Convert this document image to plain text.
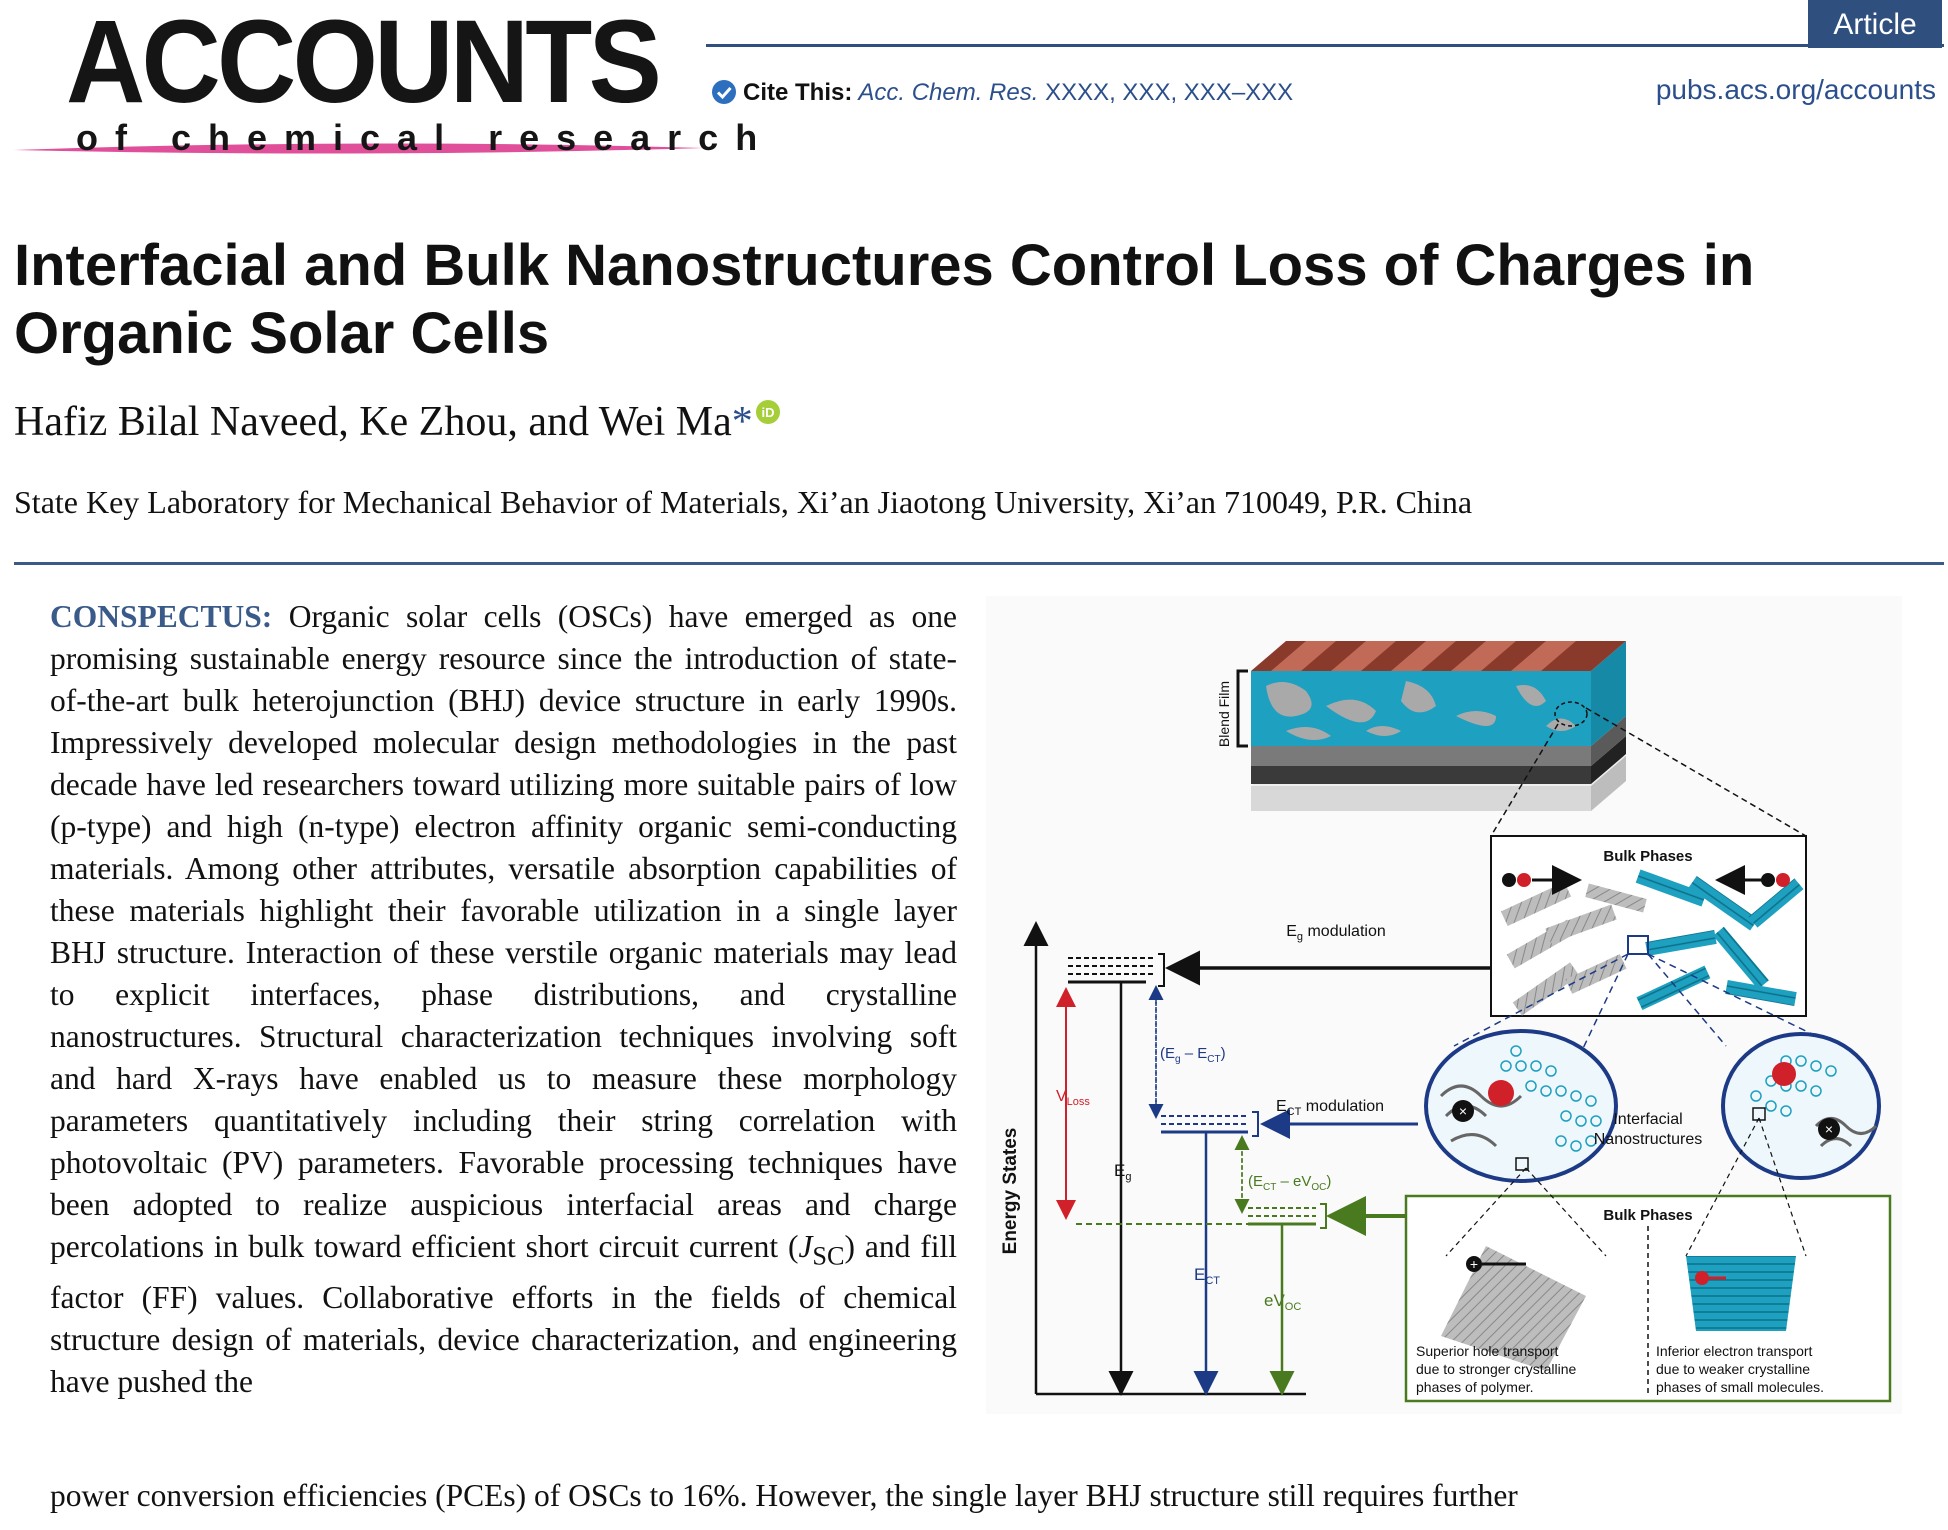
ACCOUNTS
of chemical research
Article
Cite This: Acc. Chem. Res. XXXX, XXX, XXX–XXX	pubs.acs.org/accounts
Interfacial and Bulk Nanostructures Control Loss of Charges in Organic Solar Cells
Hafiz Bilal Naveed, Ke Zhou, and Wei Ma* iD
State Key Laboratory for Mechanical Behavior of Materials, Xi’an Jiaotong University, Xi’an 710049, P.R. China

CONSPECTUS: Organic solar cells (OSCs) have emerged as one promising sustainable energy resource since the introduction of state-of-the-art bulk heterojunction (BHJ) device structure in early 1990s. Impressively developed molecular design methodologies in the past decade have led researchers toward utilizing more suitable pairs of low (p-type) and high (n-type) electron affinity organic semi-conducting materials. Among other attributes, versatile absorption capabilities of these materials highlight their favorable utilization in a single layer BHJ structure. Interaction of these verstile organic materials may lead to explicit interfaces, phase distributions, and crystalline nanostructures. Structural characterization techniques involving soft and hard X-rays have enabled us to measure these morphology parameters quantitatively including their string correlation with photovoltaic (PV) parameters. Favorable processing techniques have been adopted to realize auspicious interfacial areas and charge percolations in bulk toward efficient short circuit current $(J_{SC})$ and fill factor (FF) values. Collaborative efforts in the fields of chemical structure design of materials, device characterization, and engineering have pushed the

power conversion efficiencies (PCEs) of OSCs to 16%. However, the single layer BHJ structure still requires further

Blend Film
Bulk Phases
Energy States
$E_g$ modulation
$E_g$
$V_{Loss}$
$(E_g - E_{CT})$
$E_{CT}$ modulation
$E_{CT}$
$(E_{CT} - eV_{OC})$
$eV_{OC}$
×
×
Interfacial
Nanostructures
Bulk Phases
+
Superior hole transport due to stronger crystalline phases of polymer.
Inferior electron transport due to weaker crystalline phases of small molecules.
